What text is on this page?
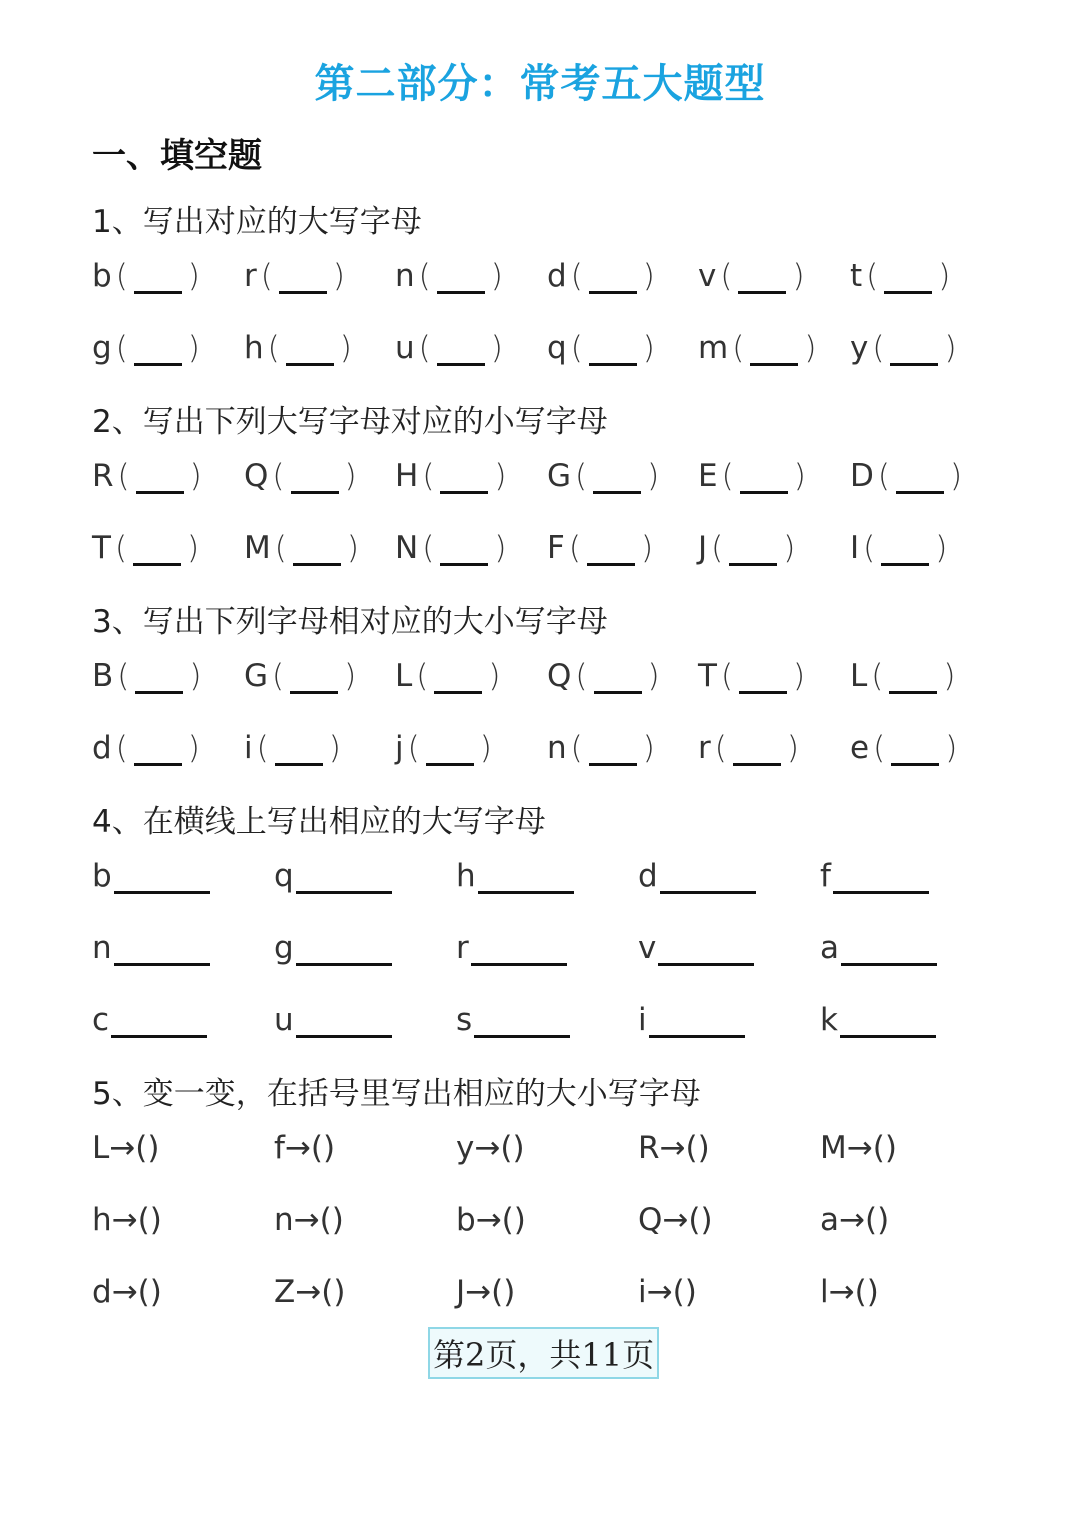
第二部分：常考五大题型
一、填空题
1、写出对应的大写字母
b ( ) r ( ) n ( ) d ( ) v ( ) t ( )
g ( ) h ( ) u ( ) q ( ) m ( ) y ( )
2、写出下列大写字母对应的小写字母
R ( ) Q ( ) H ( ) G ( ) E ( ) D ( )
T ( ) M ( ) N ( ) F ( ) J ( ) I ( )
3、写出下列字母相对应的大小写字母
B ( ) G ( ) L ( ) Q ( ) T ( ) L ( )
d ( ) i ( ) j ( ) n ( ) r ( ) e ( )
4、在横线上写出相应的大写字母
b	q	h	d	f
n	g	r	v	a
c	u	s	i	k
5、变一变，在括号里写出相应的大小写字母
L → ( )	f → ( )	y → ( )	R → ( )	M → ( )
h → ( )	n → ( )	b → ( )	Q → ( )	a → ( )
d → ( )	Z → ( )	J → ( )	i → ( )	l → ( )
第2页，共11页
